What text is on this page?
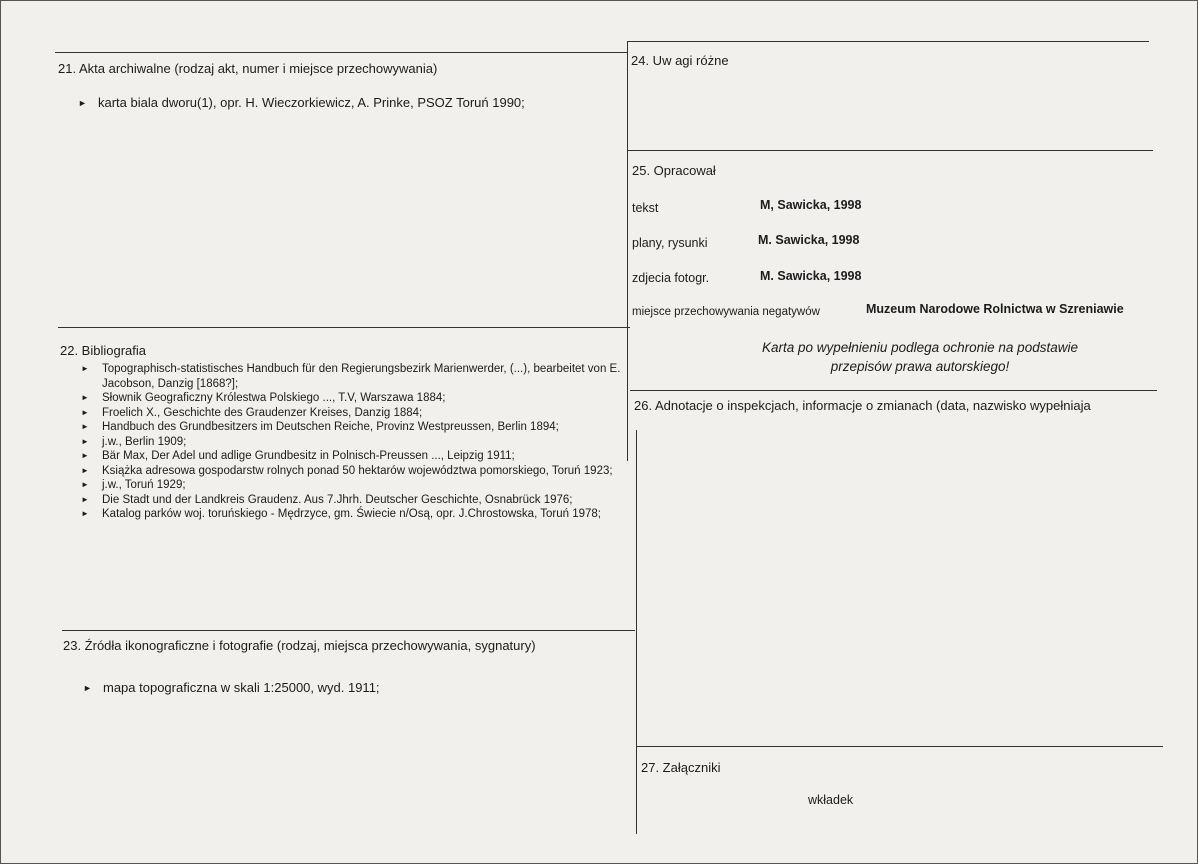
21. Akta archiwalne (rodzaj akt, numer i miejsce przechowywania)
► karta biala dworu(1), opr. H. Wieczorkiewicz, A. Prinke, PSOZ Toruń 1990;
22. Bibliografia
► Topographisch-statistisches Handbuch für den Regierungsbezirk Marienwerder, (...), bearbeitet von E. Jacobson, Danzig [1868?];
► Słownik Geograficzny Królestwa Polskiego ..., T.V, Warszawa 1884;
► Froelich X., Geschichte des Graudenzer Kreises, Danzig 1884;
► Handbuch des Grundbesitzers im Deutschen Reiche, Provinz Westpreussen, Berlin 1894;
► j.w., Berlin 1909;
► Bär Max, Der Adel und adlige Grundbesitz in Polnisch-Preussen ..., Leipzig 1911;
► Książka adresowa gospodarstw rolnych ponad 50 hektarów województwa pomorskiego, Toruń 1923;
► j.w., Toruń 1929;
► Die Stadt und der Landkreis Graudenz. Aus 7.Jhrh. Deutscher Geschichte, Osnabrück 1976;
► Katalog parków woj. toruńskiego - Mędrzyce, gm. Świecie n/Osą, opr. J.Chrostowska, Toruń 1978;
23. Źródła ikonograficzne i fotografie (rodzaj, miejsca przechowywania, sygnatury)
► mapa topograficzna w skali 1:25000, wyd. 1911;
24. Uw agi różne
25. Opracował
tekst	M, Sawicka, 1998
plany, rysunki	M. Sawicka, 1998
zdjecia fotogr.	M. Sawicka, 1998
miejsce przechowywania negatywów	Muzeum Narodowe Rolnictwa w Szreniawie
Karta po wypełnieniu podlega ochronie na podstawie
przepisów prawa autorskiego!
26. Adnotacje o inspekcjach, informacje o zmianach (data, nazwisko wypełniaja
27. Załączniki
wkładek
